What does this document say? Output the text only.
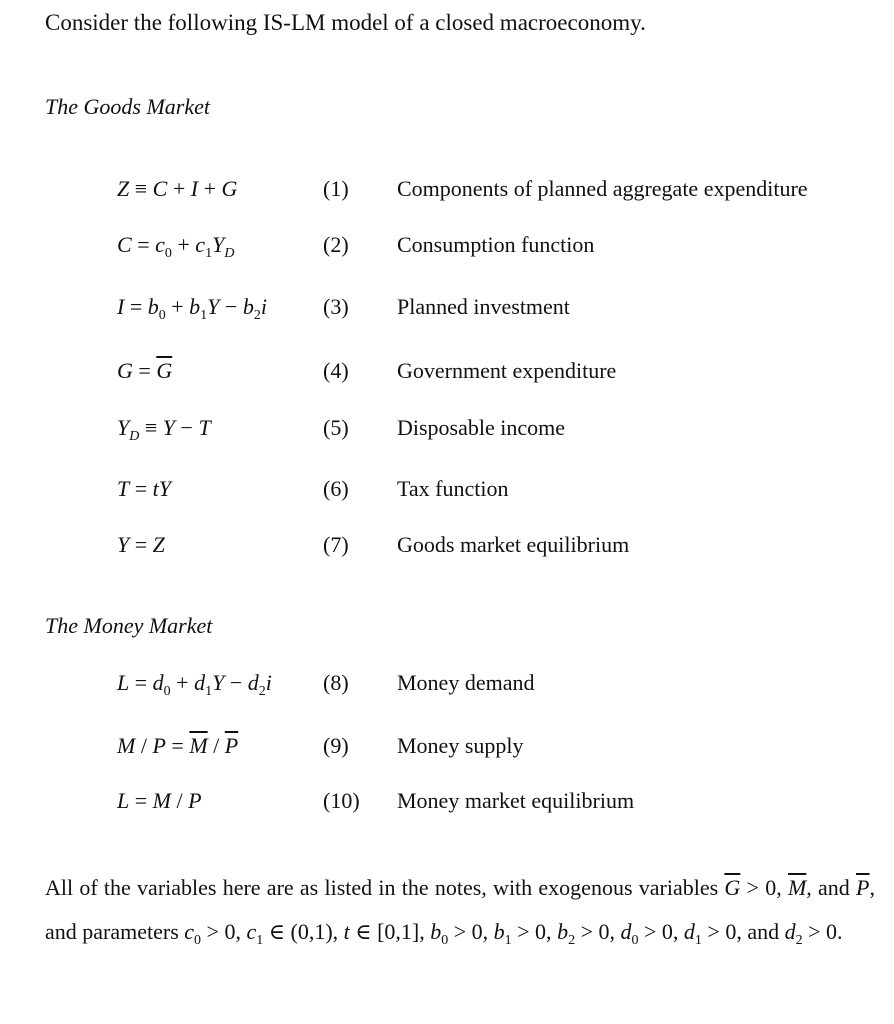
Consider the following IS-LM model of a closed macroeconomy.
The Goods Market
Z ≡ C + I + G	(1) Components of planned aggregate expenditure
$C = c_0 + c_1Y_D$	(2) Consumption function
$I = b_0 + b_1Y - b_2i$	(3) Planned investment
$G = \overline{G}$	(4) Government expenditure
$Y_D \equiv Y - T$	(5) Disposable income
T = tY	(6) Tax function
Y = Z	(7) Goods market equilibrium
The Money Market
$L = d_0 + d_1Y - d_2i$ (8) Money demand
$M / P = \overline{M} / \overline{P}$	(9) Money supply
L = M / P	(10) Money market equilibrium
All of the variables here are as listed in the notes, with exogenous variables $\overline{G} > 0$, $\overline{M}$, and $\overline{P}$, and parameters $c_0 > 0$, $c_1$ ∈ (0,1), t ∈ [0,1], $b_0 > 0$, $b_1 > 0$, $b_2 > 0$, $d_0 > 0$, $d_1 > 0$, and $d_2 > 0$.
